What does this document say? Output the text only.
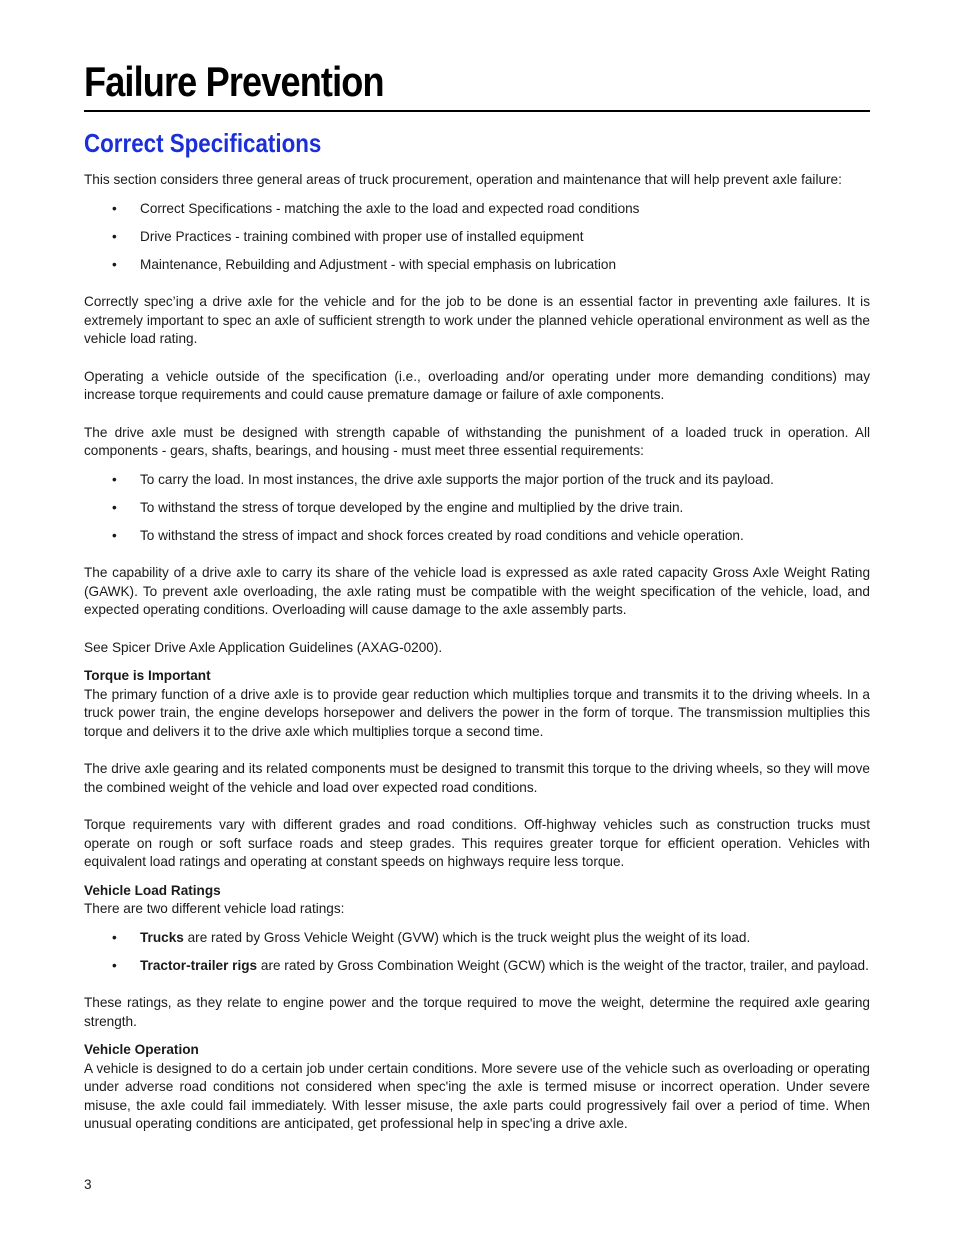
Failure Prevention
Correct Specifications

This section considers three general areas of truck procurement, operation and maintenance that will help prevent axle failure:

• Correct Specifications - matching the axle to the load and expected road conditions
• Drive Practices - training combined with proper use of installed equipment
• Maintenance, Rebuilding and Adjustment - with special emphasis on lubrication

Correctly spec’ing a drive axle for the vehicle and for the job to be done is an essential factor in preventing axle failures. It is extremely important to spec an axle of sufficient strength to work under the planned vehicle operational environment as well as the vehicle load rating.

Operating a vehicle outside of the specification (i.e., overloading and/or operating under more demanding conditions) may increase torque requirements and could cause premature damage or failure of axle components.

The drive axle must be designed with strength capable of withstanding the punishment of a loaded truck in operation. All components - gears, shafts, bearings, and housing - must meet three essential requirements:

• To carry the load. In most instances, the drive axle supports the major portion of the truck and its payload.
• To withstand the stress of torque developed by the engine and multiplied by the drive train.
• To withstand the stress of impact and shock forces created by road conditions and vehicle operation.

The capability of a drive axle to carry its share of the vehicle load is expressed as axle rated capacity Gross Axle Weight Rating (GAWK). To prevent axle overloading, the axle rating must be compatible with the weight specification of the vehicle, load, and expected operating conditions. Overloading will cause damage to the axle assembly parts.

See Spicer Drive Axle Application Guidelines (AXAG-0200).

Torque is Important

The primary function of a drive axle is to provide gear reduction which multiplies torque and transmits it to the driving wheels. In a truck power train, the engine develops horsepower and delivers the power in the form of torque. The transmission multiplies this torque and delivers it to the drive axle which multiplies torque a second time.

The drive axle gearing and its related components must be designed to transmit this torque to the driving wheels, so they will move the combined weight of the vehicle and load over expected road conditions.

Torque requirements vary with different grades and road conditions. Off-highway vehicles such as construction trucks must operate on rough or soft surface roads and steep grades. This requires greater torque for efficient operation. Vehicles with equivalent load ratings and operating at constant speeds on highways require less torque.

Vehicle Load Ratings

There are two different vehicle load ratings:

• Trucks are rated by Gross Vehicle Weight (GVW) which is the truck weight plus the weight of its load.
• Tractor-trailer rigs are rated by Gross Combination Weight (GCW) which is the weight of the tractor, trailer, and payload.

These ratings, as they relate to engine power and the torque required to move the weight, determine the required axle gearing strength.

Vehicle Operation

A vehicle is designed to do a certain job under certain conditions. More severe use of the vehicle such as overloading or operating under adverse road conditions not considered when spec'ing the axle is termed misuse or incorrect operation. Under severe misuse, the axle could fail immediately. With lesser misuse, the axle parts could progressively fail over a period of time. When unusual operating conditions are anticipated, get professional help in spec'ing a drive axle.

3
